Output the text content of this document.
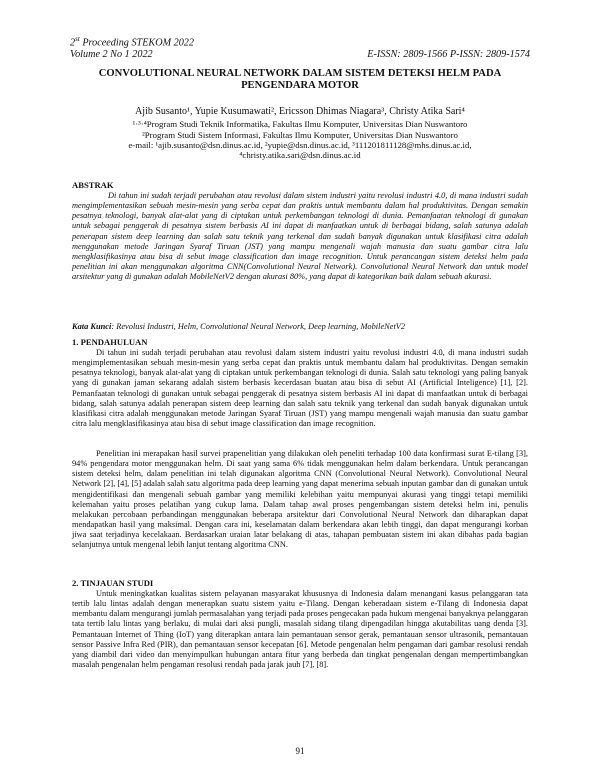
2st Proceeding STEKOM 2022
Volume 2 No 1 2022	E-ISSN: 2809-1566 P-ISSN: 2809-1574
CONVOLUTIONAL NEURAL NETWORK DALAM SISTEM DETEKSI HELM PADA PENGENDARA MOTOR
Ajib Susanto¹, Yupie Kusumawati², Ericsson Dhimas Niagara³, Christy Atika Sari⁴
¹·³·⁴Program Studi Teknik Informatika, Fakultas Ilmu Komputer, Universitas Dian Nuswantoro
²Program Studi Sistem Informasi, Fakultas Ilmu Komputer, Universitas Dian Nuswantoro
e-mail: ¹ajib.susanto@dsn.dinus.ac.id, ²yupie@dsn.dinus.ac.id, ³111201811128@mhs.dinus.ac.id,
⁴christy.atika.sari@dsn.dinus.ac.id
ABSTRAK

Di tahun ini sudah terjadi perubahan atau revolusi dalam sistem industri yaitu revolusi industri 4.0, di mana industri sudah mengimplementasikan sebuah mesin-mesin yang serba cepat dan praktis untuk membantu dalam hal produktivitas. Dengan semakin pesatnya teknologi, banyak alat-alat yang di ciptakan untuk perkembangan teknologi di dunia. Pemanfaatan teknologi di gunakan untuk sebagai penggerak di pesatnya sistem berbasis AI ini dapat di manfaatkan untuk di berbagai bidang, salah satunya adalah penerapan sistem deep learning dan salah satu teknik yang terkenal dan sudah banyak digunakan untuk klasifikasi citra adalah menggunakan metode Jaringan Syaraf Tiruan (JST) yang mampu mengenali wajah manusia dan suatu gambar citra lalu mengklasifikasinya atau bisa di sebut image classification dan image recognition. Untuk perancangan sistem deteksi helm pada penelitian ini akan menggunakan algoritma CNN(Convolutional Neural Network). Convolutional Neural Network dan untuk model arsitektur yang di gunakan adalah MobileNetV2 dengan akurasi 80%, yang dapat di kategorikan baik dalam sebuah akurasi.

Kata Kunci: Revolusi Industri, Helm, Convolutional Neural Network, Deep learning, MobileNetV2
1. PENDAHULUAN

Di tahun ini sudah terjadi perubahan atau revolusi dalam sistem industri yaitu revolusi industri 4.0, di mana industri sudah mengimplementasikan sebuah mesin-mesin yang serba cepat dan praktis untuk membantu dalam hal produktivitas. Dengan semakin pesatnya teknologi, banyak alat-alat yang di ciptakan untuk perkembangan teknologi di dunia. Salah satu teknologi yang paling banyak yang di gunakan jaman sekarang adalah sistem berbasis kecerdasan buatan atau bisa di sebut AI (Artificial Inteligence) [1], [2]. Pemanfaatan teknologi di gunakan untuk sebagai penggerak di pesatnya sistem berbasis AI ini dapat di manfaatkan untuk di berbagai bidang, salah satunya adalah penerapan sistem deep learning dan salah satu teknik yang terkenal dan sudah banyak digunakan untuk klasifikasi citra adalah menggunakan metode Jaringan Syaraf Tiruan (JST) yang mampu mengenali wajah manusia dan suatu gambar citra lalu mengklasifikasinya atau bisa di sebut image classification dan image recognition.

Penelitian ini merapakan hasil survei prapenelitian yang dilakukan oleh peneliti terhadap 100 data konfirmasi surat E-tilang [3], 94% pengendara motor menggunakan helm. Di saat yang sama 6% tidak menggunakan helm dalam berkendara. Untuk perancangan sistem deteksi helm, dalam penelitian ini telah digunakan algoritma CNN (Convolutional Neural Network). Convolutional Neural Network [2], [4], [5] adalah salah satu algoritma pada deep learning yang dapat menerima sebuah inputan gambar dan di gunakan untuk mengidentifikasi dan mengenali sebuah gambar yang memiliki kelebihan yaitu mempunyai akurasi yang tinggi tetapi memiliki kelemahan yaitu proses pelatihan yang cukup lama. Dalam tahap awal proses pengembangan sistem deteksi helm ini, penulis melakukan percobaan perbandingan menggunakan beberapa arsitektur dari Convolutional Neural Network dan diharapkan dapat mendapatkan hasil yang maksimal. Dengan cara ini, keselamatan dalam berkendara akan lebih tinggi, dan dapat mengurangi korban jiwa saat terjadinya kecelakaan. Berdasarkan uraian latar belakang di atas, tahapan pembuatan sistem ini akan dibahas pada bagian selanjutnya untuk mengenal lebih lanjut tentang algoritma CNN.

2. TINJAUAN STUDI

Untuk meningkatkan kualitas sistem pelayanan masyarakat khususnya di Indonesia dalam menangani kasus pelanggaran tata tertib lalu lintas adalah dengan menerapkan suatu sistem yaitu e-Tilang. Dengan keberadaan sistem e-Tilang di Indonesia dapat membantu dalam mengurangi jumlah permasalahan yang terjadi pada proses pengecakan pada hukum mengenai banyaknya pelanggaran tata tertib lalu lintas yang berlaku, di mulai dari aksi pungli, masalah sidang tilang dipengadilan hingga akutabilitas uang denda [3]. Pemantauan Internet of Thing (IoT) yang diterapkan antara lain pemantauan sensor gerak, pemantauan sensor ultrasonik, pemantauan sensor Passive Infra Red (PIR), dan pemantauan sensor kecepatan [6]. Metode pengenalan helm pengaman dari gambar resolusi rendah yang diambil dari video dan menyimpulkan hubungan antara fitur yang berbeda dan tingkat pengenalan dengan mempertimbangkan masalah pengenalan helm pengaman resolusi rendah pada jarak jauh [7], [8].

91
